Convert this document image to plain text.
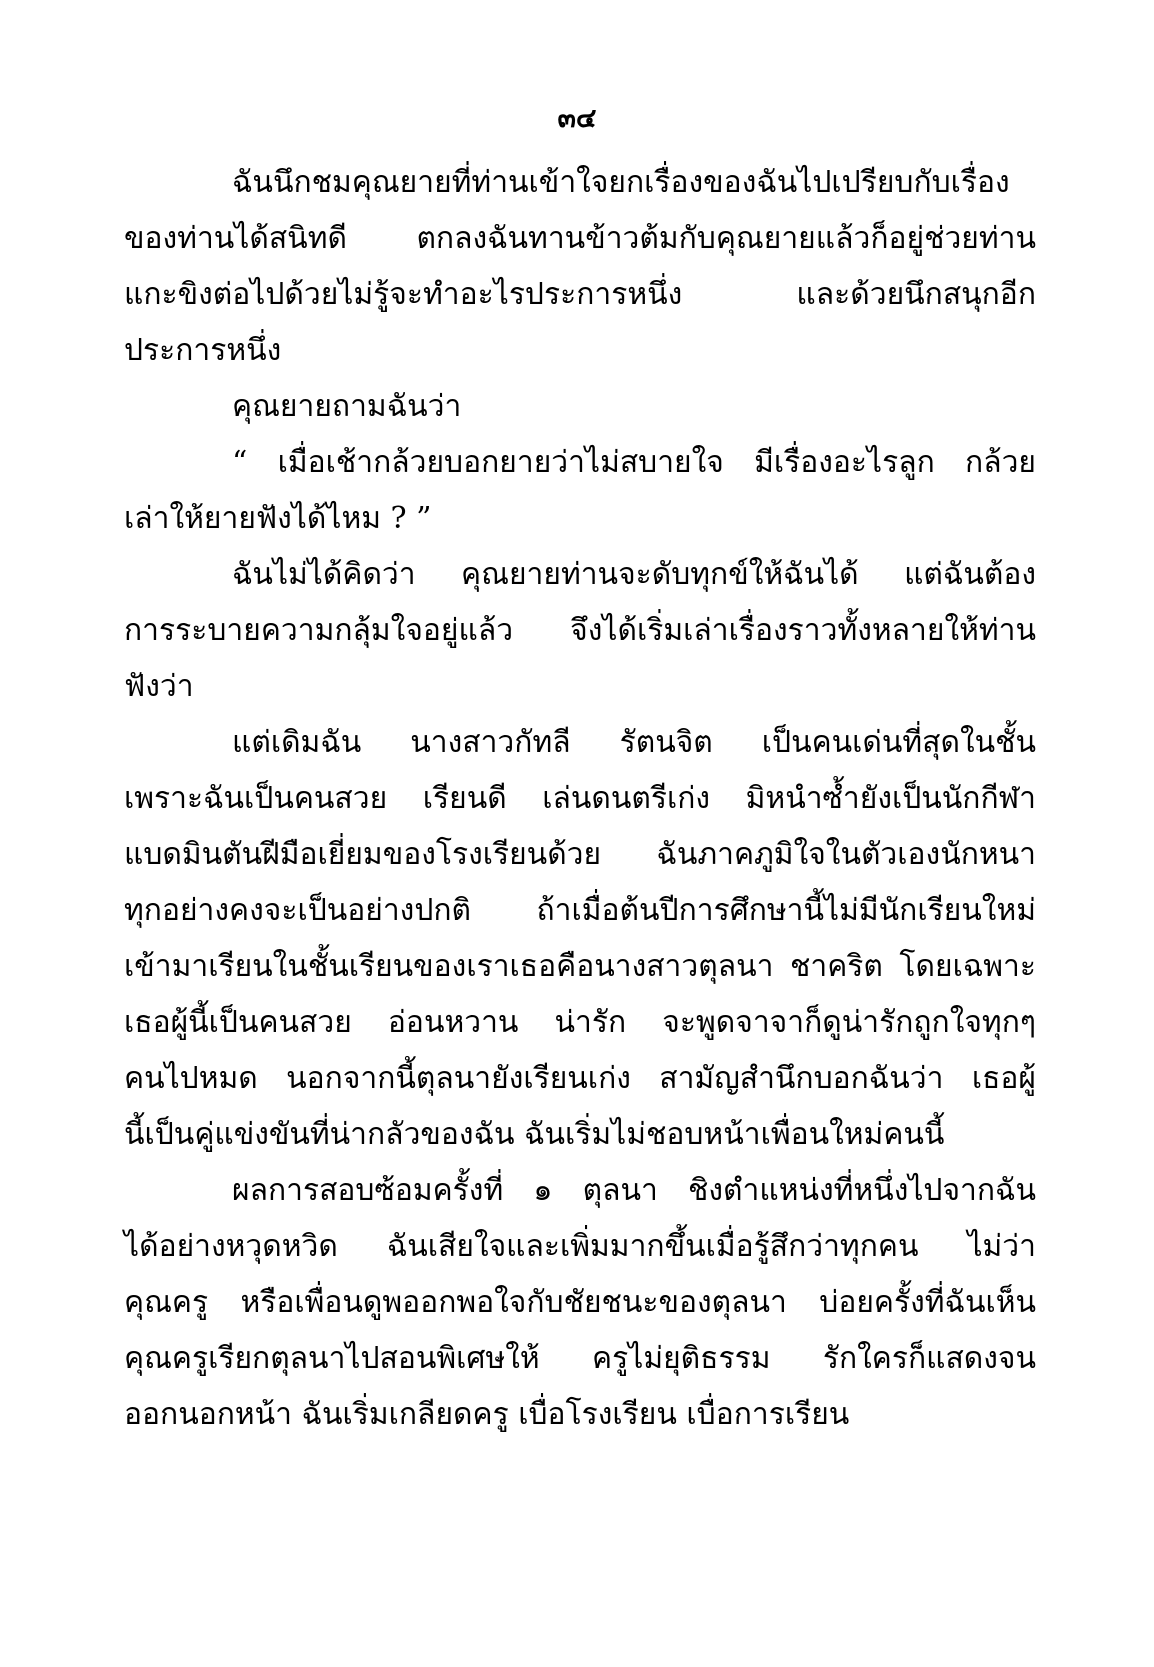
๓๔
ฉันนึกชมคุณยายที่ท่านเข้าใจยกเรื่องของฉันไปเปรียบกับเรื่อง
ของท่านได้สนิทดี ตกลงฉันทานข้าวต้มกับคุณยายแล้วก็อยู่ช่วยท่าน
แกะขิงต่อไปด้วยไม่รู้จะทำอะไรประการหนึ่ง และด้วยนึกสนุกอีก
ประการหนึ่ง
คุณยายถามฉันว่า
“ เมื่อเช้ากล้วยบอกยายว่าไม่สบายใจ มีเรื่องอะไรลูก กล้วย
เล่าให้ยายฟังได้ไหม ? ”
ฉันไม่ได้คิดว่า คุณยายท่านจะดับทุกข์ให้ฉันได้ แต่ฉันต้อง
การระบายความกลุ้มใจอยู่แล้ว จึงได้เริ่มเล่าเรื่องราวทั้งหลายให้ท่าน
ฟังว่า
แต่เดิมฉัน นางสาวกัทลี รัตนจิต เป็นคนเด่นที่สุดในชั้น
เพราะฉันเป็นคนสวย เรียนดี เล่นดนตรีเก่ง มิหนำซ้ำยังเป็นนักกีฬา
แบดมินตันฝีมือเยี่ยมของโรงเรียนด้วย ฉันภาคภูมิใจในตัวเองนักหนา
ทุกอย่างคงจะเป็นอย่างปกติ ถ้าเมื่อต้นปีการศึกษานี้ไม่มีนักเรียนใหม่
เข้ามาเรียนในชั้นเรียนของเราเธอคือนางสาวตุลนา ชาคริต โดยเฉพาะ
เธอผู้นี้เป็นคนสวย อ่อนหวาน น่ารัก จะพูดจาจาก็ดูน่ารักถูกใจทุกๆ
คนไปหมด นอกจากนี้ตุลนายังเรียนเก่ง สามัญสำนึกบอกฉันว่า เธอผู้
นี้เป็นคู่แข่งขันที่น่ากลัวของฉัน ฉันเริ่มไม่ชอบหน้าเพื่อนใหม่คนนี้
ผลการสอบซ้อมครั้งที่ ๑ ตุลนา ชิงตำแหน่งที่หนึ่งไปจากฉัน
ได้อย่างหวุดหวิด ฉันเสียใจและเพิ่มมากขึ้นเมื่อรู้สึกว่าทุกคน ไม่ว่า
คุณครู หรือเพื่อนดูพออกพอใจกับชัยชนะของตุลนา บ่อยครั้งที่ฉันเห็น
คุณครูเรียกตุลนาไปสอนพิเศษให้ ครูไม่ยุติธรรม รักใครก็แสดงจน
ออกนอกหน้า ฉันเริ่มเกลียดครู เบื่อโรงเรียน เบื่อการเรียน
